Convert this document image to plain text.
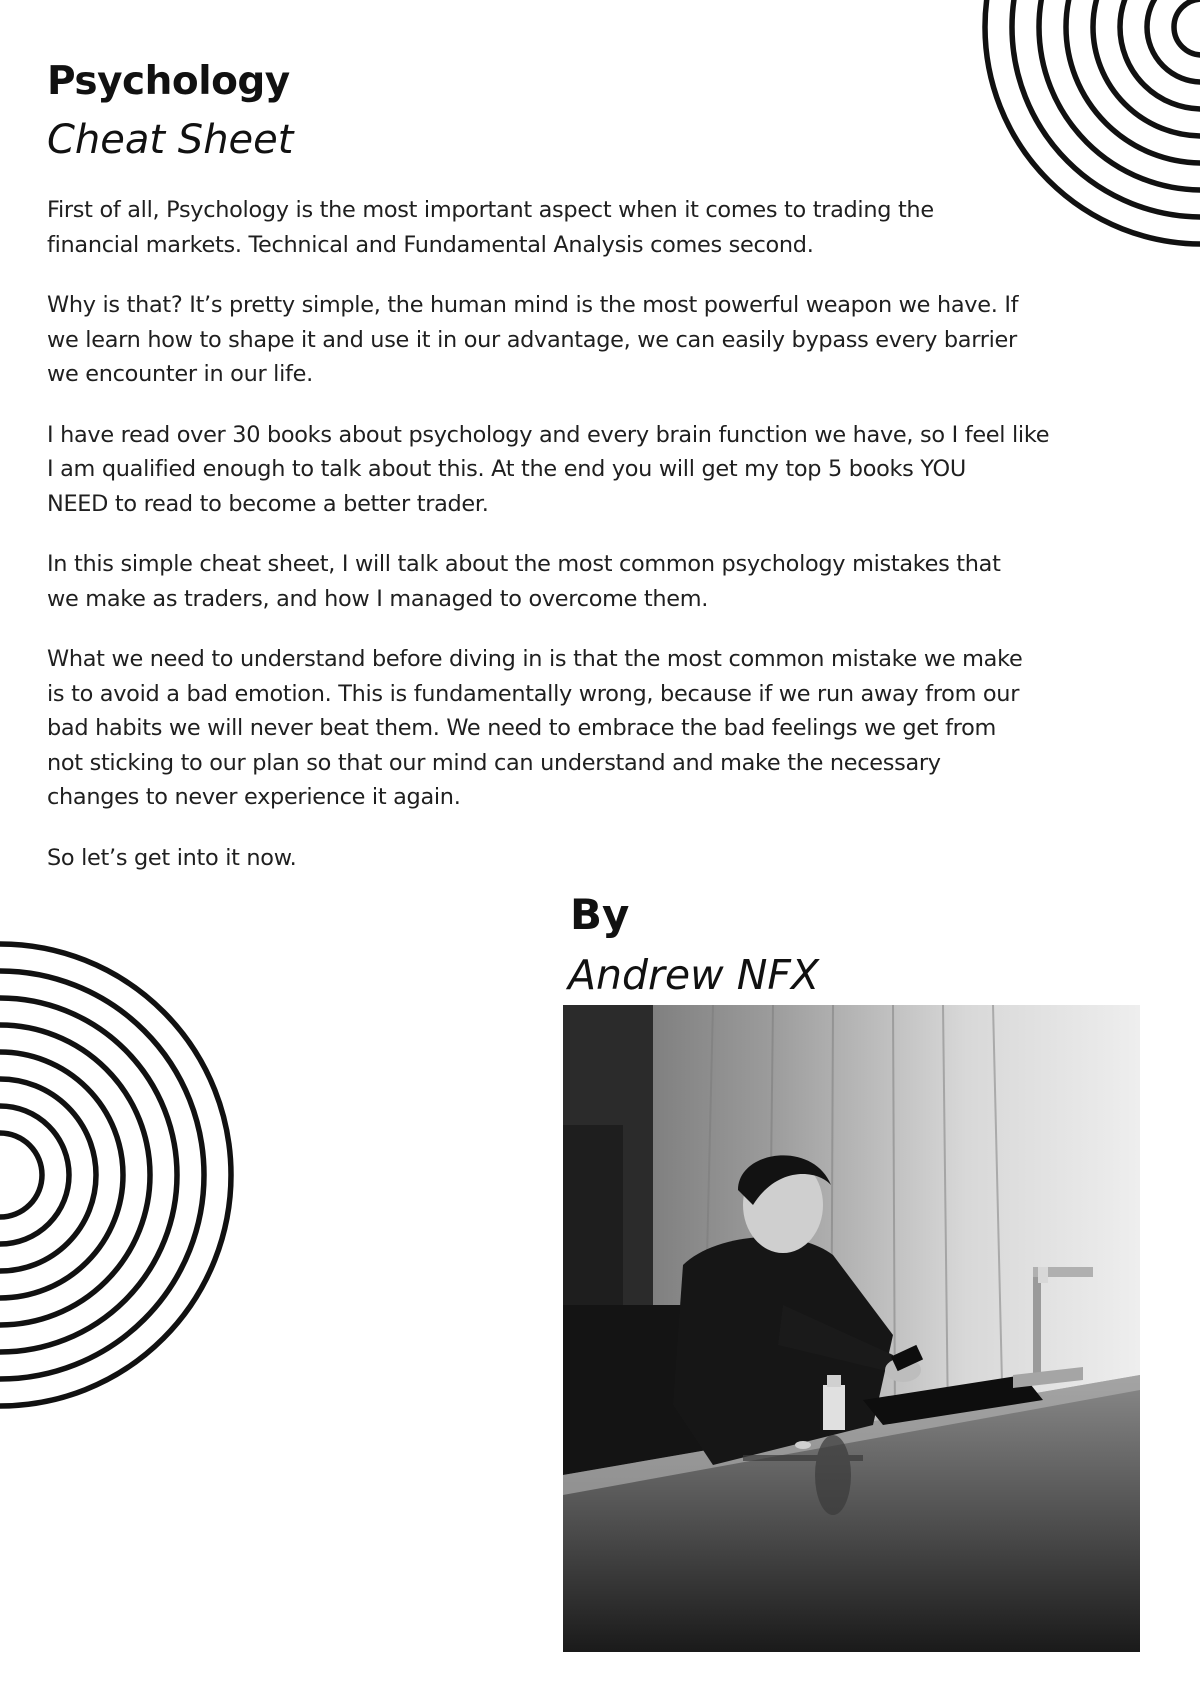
Psychology
Cheat Sheet

First of all, Psychology is the most important aspect when it comes to trading the
financial markets. Technical and Fundamental Analysis comes second.

Why is that? It’s pretty simple, the human mind is the most powerful weapon we have. If
we learn how to shape it and use it in our advantage, we can easily bypass every barrier
we encounter in our life.

I have read over 30 books about psychology and every brain function we have, so I feel like
I am qualified enough to talk about this. At the end you will get my top 5 books YOU
NEED to read to become a better trader.

In this simple cheat sheet, I will talk about the most common psychology mistakes that
we make as traders, and how I managed to overcome them.

What we need to understand before diving in is that the most common mistake we make
is to avoid a bad emotion. This is fundamentally wrong, because if we run away from our
bad habits we will never beat them. We need to embrace the bad feelings we get from
not sticking to our plan so that our mind can understand and make the necessary
changes to never experience it again.

So let’s get into it now.

By
Andrew NFX
